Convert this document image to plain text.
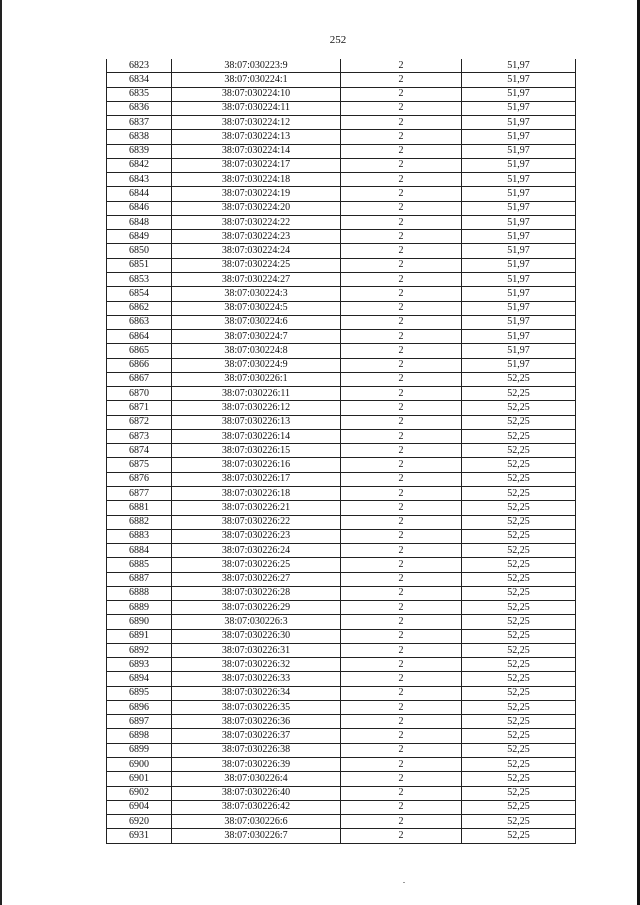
252
6823	38:07:030223:9	2	51,97
6834	38:07:030224:1	2	51,97
6835	38:07:030224:10	2	51,97
6836	38:07:030224:11	2	51,97
6837	38:07:030224:12	2	51,97
6838	38:07:030224:13	2	51,97
6839	38:07:030224:14	2	51,97
6842	38:07:030224:17	2	51,97
6843	38:07:030224:18	2	51,97
6844	38:07:030224:19	2	51,97
6846	38:07:030224:20	2	51,97
6848	38:07:030224:22	2	51,97
6849	38:07:030224:23	2	51,97
6850	38:07:030224:24	2	51,97
6851	38:07:030224:25	2	51,97
6853	38:07:030224:27	2	51,97
6854	38:07:030224:3	2	51,97
6862	38:07:030224:5	2	51,97
6863	38:07:030224:6	2	51,97
6864	38:07:030224:7	2	51,97
6865	38:07:030224:8	2	51,97
6866	38:07:030224:9	2	51,97
6867	38:07:030226:1	2	52,25
6870	38:07:030226:11	2	52,25
6871	38:07:030226:12	2	52,25
6872	38:07:030226:13	2	52,25
6873	38:07:030226:14	2	52,25
6874	38:07:030226:15	2	52,25
6875	38:07:030226:16	2	52,25
6876	38:07:030226:17	2	52,25
6877	38:07:030226:18	2	52,25
6881	38:07:030226:21	2	52,25
6882	38:07:030226:22	2	52,25
6883	38:07:030226:23	2	52,25
6884	38:07:030226:24	2	52,25
6885	38:07:030226:25	2	52,25
6887	38:07:030226:27	2	52,25
6888	38:07:030226:28	2	52,25
6889	38:07:030226:29	2	52,25
6890	38:07:030226:3	2	52,25
6891	38:07:030226:30	2	52,25
6892	38:07:030226:31	2	52,25
6893	38:07:030226:32	2	52,25
6894	38:07:030226:33	2	52,25
6895	38:07:030226:34	2	52,25
6896	38:07:030226:35	2	52,25
6897	38:07:030226:36	2	52,25
6898	38:07:030226:37	2	52,25
6899	38:07:030226:38	2	52,25
6900	38:07:030226:39	2	52,25
6901	38:07:030226:4	2	52,25
6902	38:07:030226:40	2	52,25
6904	38:07:030226:42	2	52,25
6920	38:07:030226:6	2	52,25
6931	38:07:030226:7	2	52,25
